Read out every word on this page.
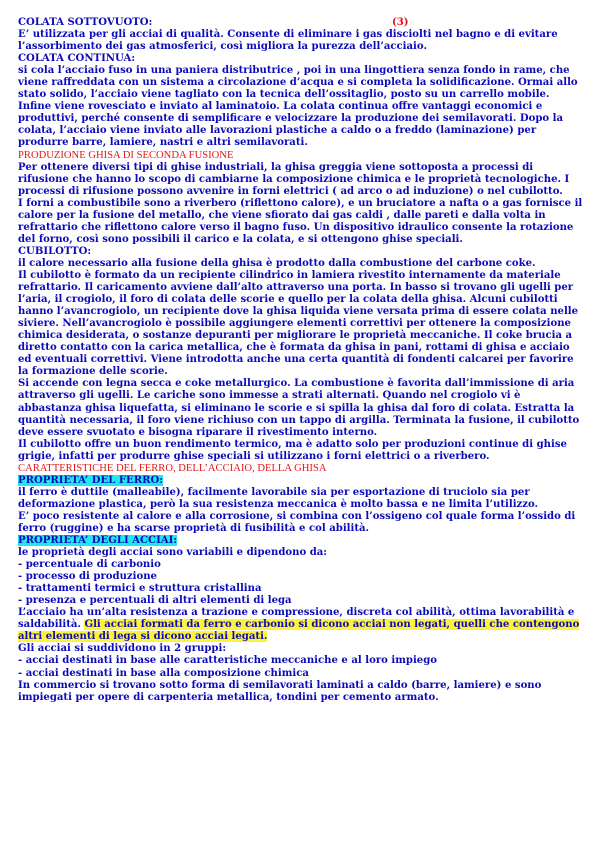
COLATA SOTTOVUOTO:	(3)

E’ utilizzata per gli acciai di qualità. Consente di eliminare i gas disciolti nel bagno e di evitare l’assorbimento dei gas atmosferici, così migliora la purezza dell’acciaio.

COLATA CONTINUA:

si cola l’acciaio fuso in una paniera distributrice , poi in una lingottiera senza fondo in rame, che viene raffreddata con un sistema a circolazione d’acqua e si completa la solidificazione. Ormai allo stato solido, l’acciaio viene tagliato con la tecnica dell’ossitaglio, posto su un carrello mobile. Infine viene rovesciato e inviato al laminatoio. La colata continua offre vantaggi economici e produttivi, perché consente di semplificare e velocizzare la produzione dei semilavorati. Dopo la colata, l’acciaio viene inviato alle lavorazioni plastiche a caldo o a freddo (laminazione) per produrre barre, lamiere, nastri e altri semilavorati.

PRODUZIONE GHISA DI SECONDA FUSIONE

Per ottenere diversi tipi di ghise industriali, la ghisa greggia viene sottoposta a processi di rifusione che hanno lo scopo di cambiarne la composizione chimica e le proprietà tecnologiche. I processi di rifusione possono avvenire in forni elettrici ( ad arco o ad induzione) o nel cubilotto.

I forni a combustibile sono a riverbero (riflettono calore), e un bruciatore a nafta o a gas fornisce il calore per la fusione del metallo, che viene sfiorato dai gas caldi , dalle pareti e dalla volta in refrattario che riflettono calore verso il bagno fuso. Un dispositivo idraulico consente la rotazione del forno, così sono possibili il carico e la colata, e si ottengono ghise speciali.

CUBILOTTO:

il calore necessario alla fusione della ghisa è prodotto dalla combustione del carbone coke.

Il cubilotto è formato da un recipiente cilindrico in lamiera rivestito internamente da materiale refrattario. Il caricamento avviene dall’alto attraverso una porta. In basso si trovano gli ugelli per l’aria, il crogiolo, il foro di colata delle scorie e quello per la colata della ghisa. Alcuni cubilotti hanno l’avancrogiolo, un recipiente dove la ghisa liquida viene versata prima di essere colata nelle siviere. Nell’avancrogiolo è possibile aggiungere elementi correttivi per ottenere la composizione chimica desiderata, o sostanze depuranti per migliorare le proprietà meccaniche. Il coke brucia a diretto contatto con la carica metallica, che è formata da ghisa in pani, rottami di ghisa e acciaio ed eventuali correttivi. Viene introdotta anche una certa quantità di fondenti calcarei per favorire la formazione delle scorie.

Si accende con legna secca e coke metallurgico. La combustione è favorita dall’immissione di aria attraverso gli ugelli. Le cariche sono immesse a strati alternati. Quando nel crogiolo vi è abbastanza ghisa liquefatta, si eliminano le scorie e si spilla la ghisa dal foro di colata. Estratta la quantità necessaria, il foro viene richiuso con un tappo di argilla. Terminata la fusione, il cubilotto deve essere svuotato e bisogna riparare il rivestimento interno.

Il cubilotto offre un buon rendimento termico, ma è adatto solo per produzioni continue di ghise grigie, infatti per produrre ghise speciali si utilizzano i forni elettrici o a riverbero.

CARATTERISTICHE DEL FERRO, DELL’ACCIAIO, DELLA GHISA

PROPRIETA’ DEL FERRO:

il ferro è duttile (malleabile), facilmente lavorabile sia per esportazione di truciolo sia per deformazione plastica, però la sua resistenza meccanica è molto bassa e ne limita l’utilizzo.

E’ poco resistente al calore e alla corrosione, si combina con l’ossigeno col quale forma l’ossido di ferro (ruggine) e ha scarse proprietà di fusibilità e col abilità.

PROPRIETA’ DEGLI ACCIAI:

le proprietà degli acciai sono variabili e dipendono da:

- percentuale di carbonio

- processo di produzione

- trattamenti termici e struttura cristallina

- presenza e percentuali di altri elementi di lega

L’acciaio ha un’alta resistenza a trazione e compressione, discreta col abilità, ottima lavorabilità e saldabilità. Gli acciai formati da ferro e carbonio si dicono acciai non legati, quelli che contengono altri elementi di lega si dicono acciai legati.

Gli acciai si suddividono in 2 gruppi:

- acciai destinati in base alle caratteristiche meccaniche e al loro impiego

- acciai destinati in base alla composizione chimica

In commercio si trovano sotto forma di semilavorati laminati a caldo (barre, lamiere) e sono impiegati per opere di carpenteria metallica, tondini per cemento armato.
